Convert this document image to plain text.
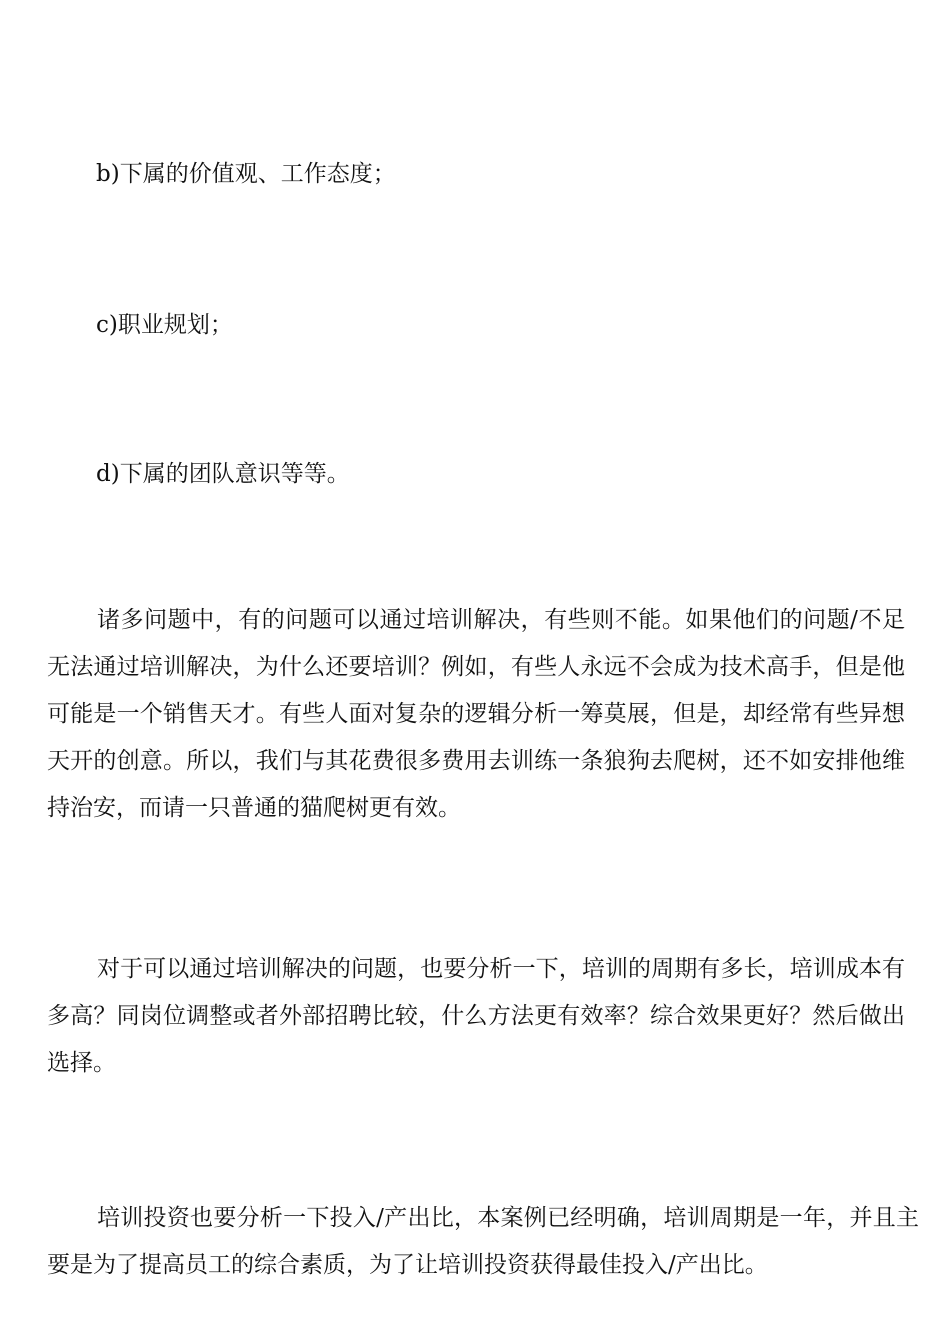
b)下属的价值观、工作态度；
c)职业规划；
d)下属的团队意识等等。

诸多问题中，有的问题可以通过培训解决，有些则不能。如果他们的问题/不足无法通过培训解决，为什么还要培训？例如，有些人永远不会成为技术高手，但是他可能是一个销售天才。有些人面对复杂的逻辑分析一筹莫展，但是，却经常有些异想天开的创意。所以，我们与其花费很多费用去训练一条狼狗去爬树，还不如安排他维持治安，而请一只普通的猫爬树更有效。

对于可以通过培训解决的问题，也要分析一下，培训的周期有多长，培训成本有多高？同岗位调整或者外部招聘比较，什么方法更有效率？综合效果更好？然后做出选择。

培训投资也要分析一下投入/产出比，本案例已经明确，培训周期是一年，并且主要是为了提高员工的综合素质，为了让培训投资获得最佳投入/产出比。
